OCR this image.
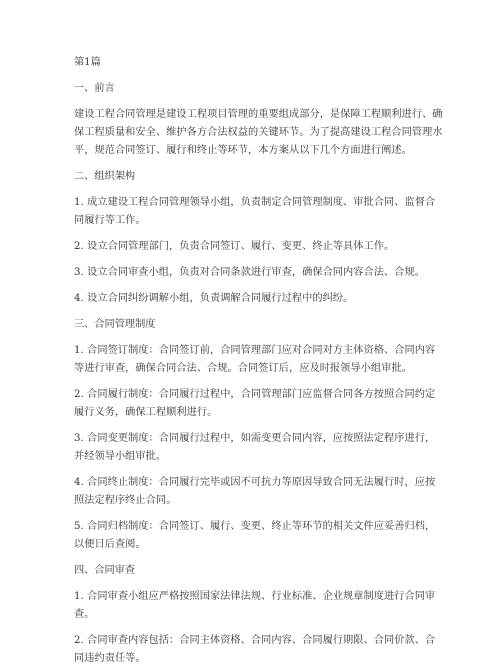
第1篇
一、前言
建设工程合同管理是建设工程项目管理的重要组成部分，是保障工程顺利进行、确
保工程质量和安全、维护各方合法权益的关键环节。为了提高建设工程合同管理水
平，规范合同签订、履行和终止等环节，本方案从以下几个方面进行阐述。
二、组织架构
1. 成立建设工程合同管理领导小组，负责制定合同管理制度、审批合同、监督合
同履行等工作。
2. 设立合同管理部门，负责合同签订、履行、变更、终止等具体工作。
3. 设立合同审查小组，负责对合同条款进行审查，确保合同内容合法、合规。
4. 设立合同纠纷调解小组，负责调解合同履行过程中的纠纷。
三、合同管理制度
1. 合同签订制度：合同签订前，合同管理部门应对合同对方主体资格、合同内容
等进行审查，确保合同合法、合规。合同签订后，应及时报领导小组审批。
2. 合同履行制度：合同履行过程中，合同管理部门应监督合同各方按照合同约定
履行义务，确保工程顺利进行。
3. 合同变更制度：合同履行过程中，如需变更合同内容，应按照法定程序进行，
并经领导小组审批。
4. 合同终止制度：合同履行完毕或因不可抗力等原因导致合同无法履行时，应按
照法定程序终止合同。
5. 合同归档制度：合同签订、履行、变更、终止等环节的相关文件应妥善归档，
以便日后查阅。
四、合同审查
1. 合同审查小组应严格按照国家法律法规、行业标准、企业规章制度进行合同审
查。
2. 合同审查内容包括：合同主体资格、合同内容、合同履行期限、合同价款、合
同违约责任等。
